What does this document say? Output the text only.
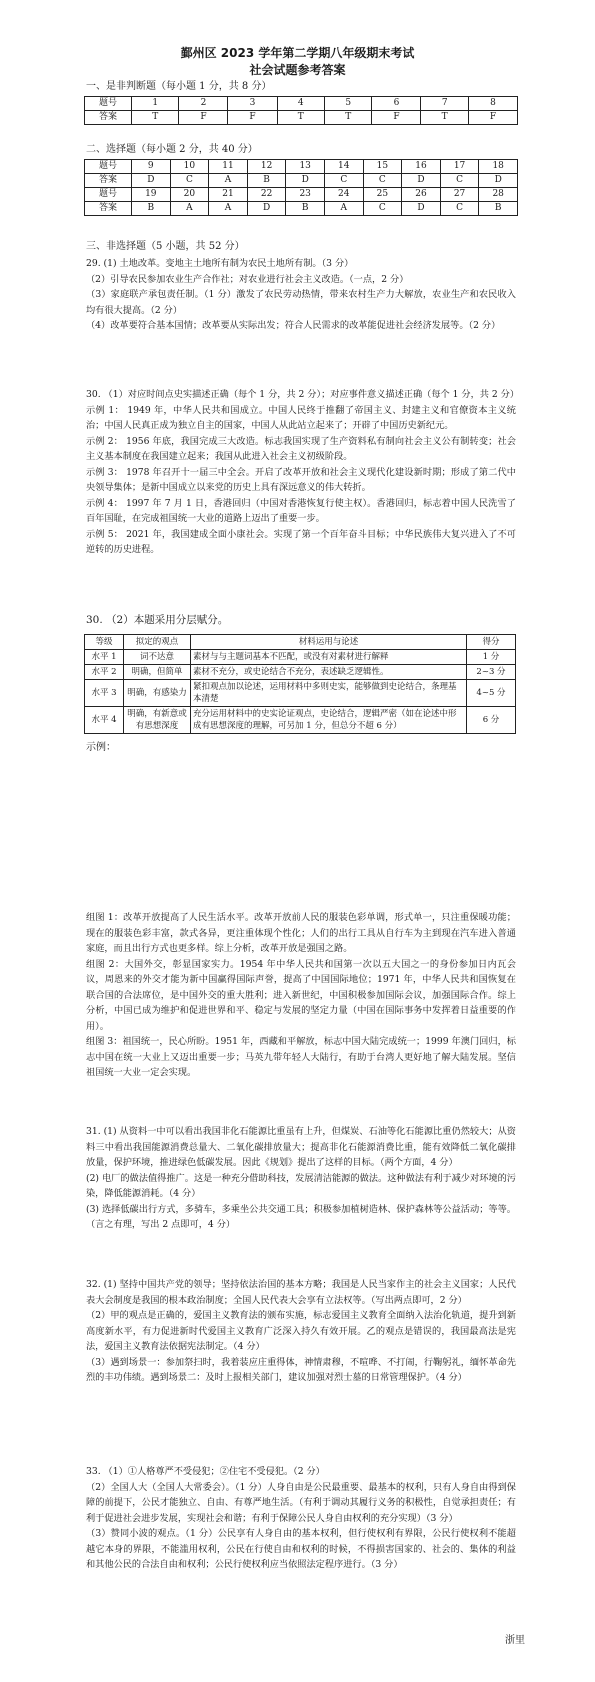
鄞州区 2023 学年第二学期八年级期末考试
社会试题参考答案
一、是非判断题（每小题 1 分，共 8 分）
题号	1	2	3	4	5	6	7	8
答案	T	F	F	T	T	F	T	F
二、选择题（每小题 2 分，共 40 分）
题号	9	10	11	12	13	14	15	16	17	18
答案	D	C	A	B	D	C	C	D	C	D
题号	19	20	21	22	23	24	25	26	27	28
答案	B	A	A	D	B	A	C	D	C	B
三、非选择题（5 小题，共 52 分）
29. (1) 土地改革。变地主土地所有制为农民土地所有制。（3 分）
（2）引导农民参加农业生产合作社；对农业进行社会主义改造。（一点，2 分）
（3）家庭联产承包责任制。（1 分）激发了农民劳动热情，带来农村生产力大解放，农业生产和农民收入均有很大提高。（2 分）
（4）改革要符合基本国情；改革要从实际出发；符合人民需求的改革能促进社会经济发展等。（2 分）
30. （1）对应时间点史实描述正确（每个 1 分，共 2 分）；对应事件意义描述正确（每个 1 分，共 2 分）
示例 1： 1949 年，中华人民共和国成立。中国人民终于推翻了帝国主义、封建主义和官僚资本主义统治；中国人民真正成为独立自主的国家，中国人从此站立起来了；开辟了中国历史新纪元。
示例 2： 1956 年底，我国完成三大改造。标志我国实现了生产资料私有制向社会主义公有制转变；社会主义基本制度在我国建立起来；我国从此进入社会主义初级阶段。
示例 3： 1978 年召开十一届三中全会。开启了改革开放和社会主义现代化建设新时期；形成了第二代中央领导集体；是新中国成立以来党的历史上具有深远意义的伟大转折。
示例 4： 1997 年 7 月 1 日，香港回归（中国对香港恢复行使主权）。香港回归，标志着中国人民洗雪了百年国耻，在完成祖国统一大业的道路上迈出了重要一步。
示例 5： 2021 年，我国建成全面小康社会。实现了第一个百年奋斗目标；中华民族伟大复兴进入了不可逆转的历史进程。
30. （2）本题采用分层赋分。
等级	拟定的观点	材料运用与论述	得分
水平 1	词不达意	素材与与主题词基本不匹配，或没有对素材进行解释	1 分
水平 2	明确，但简单	素材不充分，或史论结合不充分，表述缺乏逻辑性。	2~3 分
水平 3	明确，有感染力	紧扣观点加以论述，运用材料中多则史实，能够做到史论结合，条理基本清楚	4~5 分
水平 4	明确，有新意或有思想深度	充分运用材料中的史实论证观点，史论结合，逻辑严密（如在论述中形成有思想深度的理解，可另加 1 分，但总分不超 6 分）	6 分
示例：
组图 1：改革开放提高了人民生活水平。改革开放前人民的服装色彩单调，形式单一，只注重保暖功能；现在的服装色彩丰富，款式各异，更注重体现个性化；人们的出行工具从自行车为主到现在汽车进入普通家庭，而且出行方式也更多样。综上分析，改革开放是强国之路。
组图 2：大国外交，彰显国家实力。1954 年中华人民共和国第一次以五大国之一的身份参加日内瓦会议，周恩来的外交才能为新中国赢得国际声誉，提高了中国国际地位；1971 年，中华人民共和国恢复在联合国的合法席位，是中国外交的重大胜利；进入新世纪，中国积极参加国际会议，加强国际合作。综上分析，中国已成为维护和促进世界和平、稳定与发展的坚定力量（中国在国际事务中发挥着日益重要的作用）。
组图 3：祖国统一，民心所盼。1951 年，西藏和平解放，标志中国大陆完成统一；1999 年澳门回归，标志中国在统一大业上又迈出重要一步；马英九带年轻人大陆行，有助于台湾人更好地了解大陆发展。坚信祖国统一大业一定会实现。
31. (1) 从资料一中可以看出我国非化石能源比重虽有上升，但煤炭、石油等化石能源比重仍然较大；从资料三中看出我国能源消费总量大、二氧化碳排放量大；提高非化石能源消费比重，能有效降低二氧化碳排放量，保护环境，推进绿色低碳发展。因此《规划》提出了这样的目标。（两个方面，4 分）
(2) 电厂的做法值得推广。这是一种充分借助科技，发展清洁能源的做法。这种做法有利于减少对环境的污染，降低能源消耗。（4 分）
(3) 选择低碳出行方式，多骑车，多乘坐公共交通工具；积极参加植树造林、保护森林等公益活动；等等。（言之有理，写出 2 点即可，4 分）
32. (1) 坚持中国共产党的领导；坚持依法治国的基本方略；我国是人民当家作主的社会主义国家；人民代表大会制度是我国的根本政治制度；全国人民代表大会享有立法权等。（写出两点即可，2 分）
（2）甲的观点是正确的，爱国主义教育法的颁布实施，标志爱国主义教育全面纳入法治化轨道，提升到新高度新水平，有力促进新时代爱国主义教育广泛深入持久有效开展。乙的观点是错误的，我国最高法是宪法，爱国主义教育法依据宪法制定。（4 分）
（3）遇到场景一：参加祭扫时，我着装应庄重得体，神情肃穆，不喧哗、不打闹，行鞠躬礼，缅怀革命先烈的丰功伟绩。遇到场景二：及时上报相关部门，建议加强对烈士墓的日常管理保护。（4 分）
33. （1）①人格尊严不受侵犯；②住宅不受侵犯。（2 分）
（2）全国人大（全国人大常委会）。（1 分）人身自由是公民最重要、最基本的权利，只有人身自由得到保障的前提下，公民才能独立、自由、有尊严地生活。（有利于调动其履行义务的积极性，自觉承担责任；有利于促进社会进步发展，实现社会和谐；有利于保障公民人身自由权利的充分实现）（3 分）
（3）赞同小波的观点。（1 分）公民享有人身自由的基本权利，但行使权利有界限，公民行使权利不能超越它本身的界限，不能滥用权利，公民在行使自由和权利的时候，不得损害国家的、社会的、集体的利益和其他公民的合法自由和权利；公民行使权利应当依照法定程序进行。（3 分）
浙里
